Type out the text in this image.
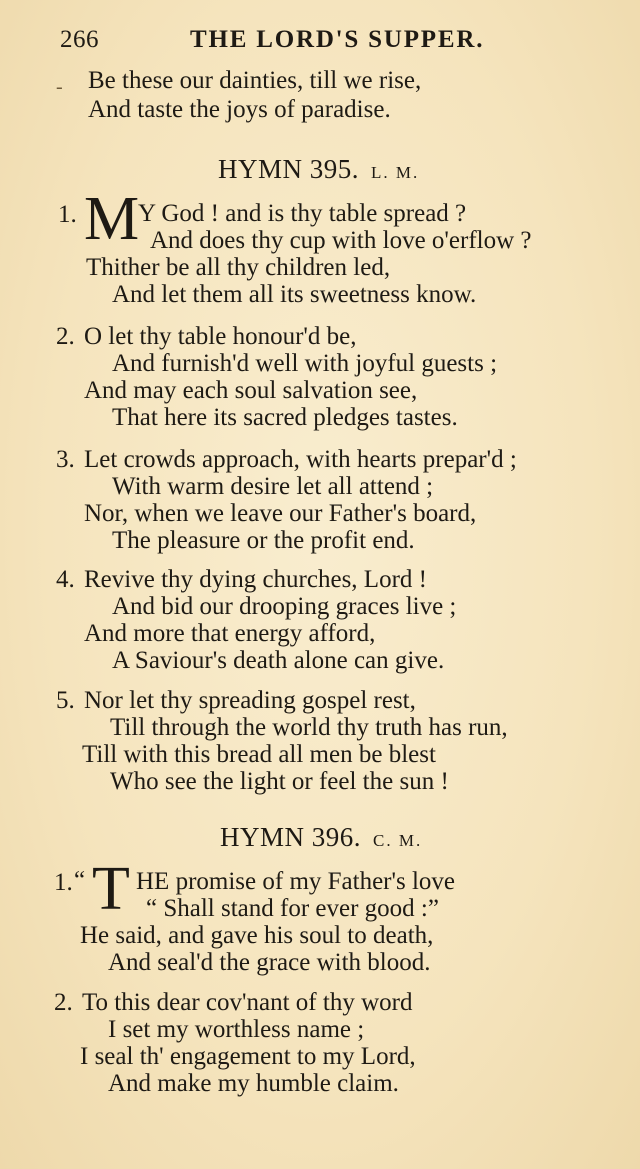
266	THE LORD'S SUPPER.
- Be these our dainties, till we rise,
And taste the joys of paradise.
HYMN 395. L. M.
1. M
Y God ! and is thy table spread ?
And does thy cup with love o'erflow ?
Thither be all thy children led,
And let them all its sweetness know.
2. O let thy table honour'd be,
And furnish'd well with joyful guests ;
And may each soul salvation see,
That here its sacred pledges tastes.
3. Let crowds approach, with hearts prepar'd ;
With warm desire let all attend ;
Nor, when we leave our Father's board,
The pleasure or the profit end.
4. Revive thy dying churches, Lord !
And bid our drooping graces live ;
And more that energy afford,
A Saviour's death alone can give.
5. Nor let thy spreading gospel rest,
Till through the world thy truth has run,
Till with this bread all men be blest
Who see the light or feel the sun !
HYMN 396. C. M.
1. “ T HE promise of my Father's love
“ Shall stand for ever good :”
He said, and gave his soul to death,
And seal'd the grace with blood.
2. To this dear cov'nant of thy word
I set my worthless name ;
I seal th' engagement to my Lord,
And make my humble claim.
